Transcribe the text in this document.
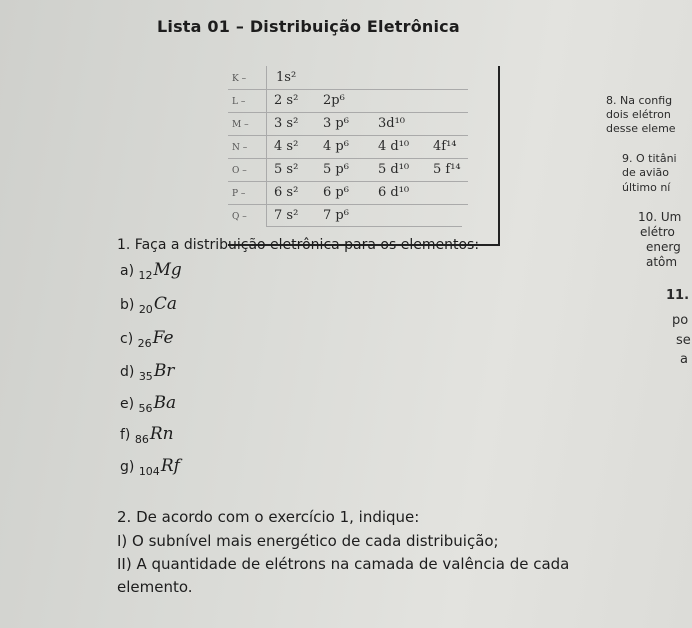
Lista 01 – Distribuição Eletrônica
K – 1s²
L – 2 s² 2p⁶
M – 3 s² 3 p⁶ 3d¹⁰
N – 4 s² 4 p⁶ 4 d¹⁰ 4f¹⁴
O – 5 s² 5 p⁶ 5 d¹⁰ 5 f¹⁴
P – 6 s² 6 p⁶ 6 d¹⁰
Q – 7 s² 7 p⁶
8. Na config
dois elétron
desse eleme
9. O titâni
de avião
último ní
10. Um
elétro
energ
atôm
11.
po
se
a
1. Faça a distribuição eletrônica para os elementos:
a) $_{12}$Mg
b) $_{20}$Ca
c) $_{26}$Fe
d) $_{35}$Br
e) $_{56}$Ba
f) $_{86}$Rn
g) $_{104}$Rf
2. De acordo com o exercício 1, indique:
I) O subnível mais energético de cada distribuição;
II) A quantidade de elétrons na camada de valência de cada
elemento.
